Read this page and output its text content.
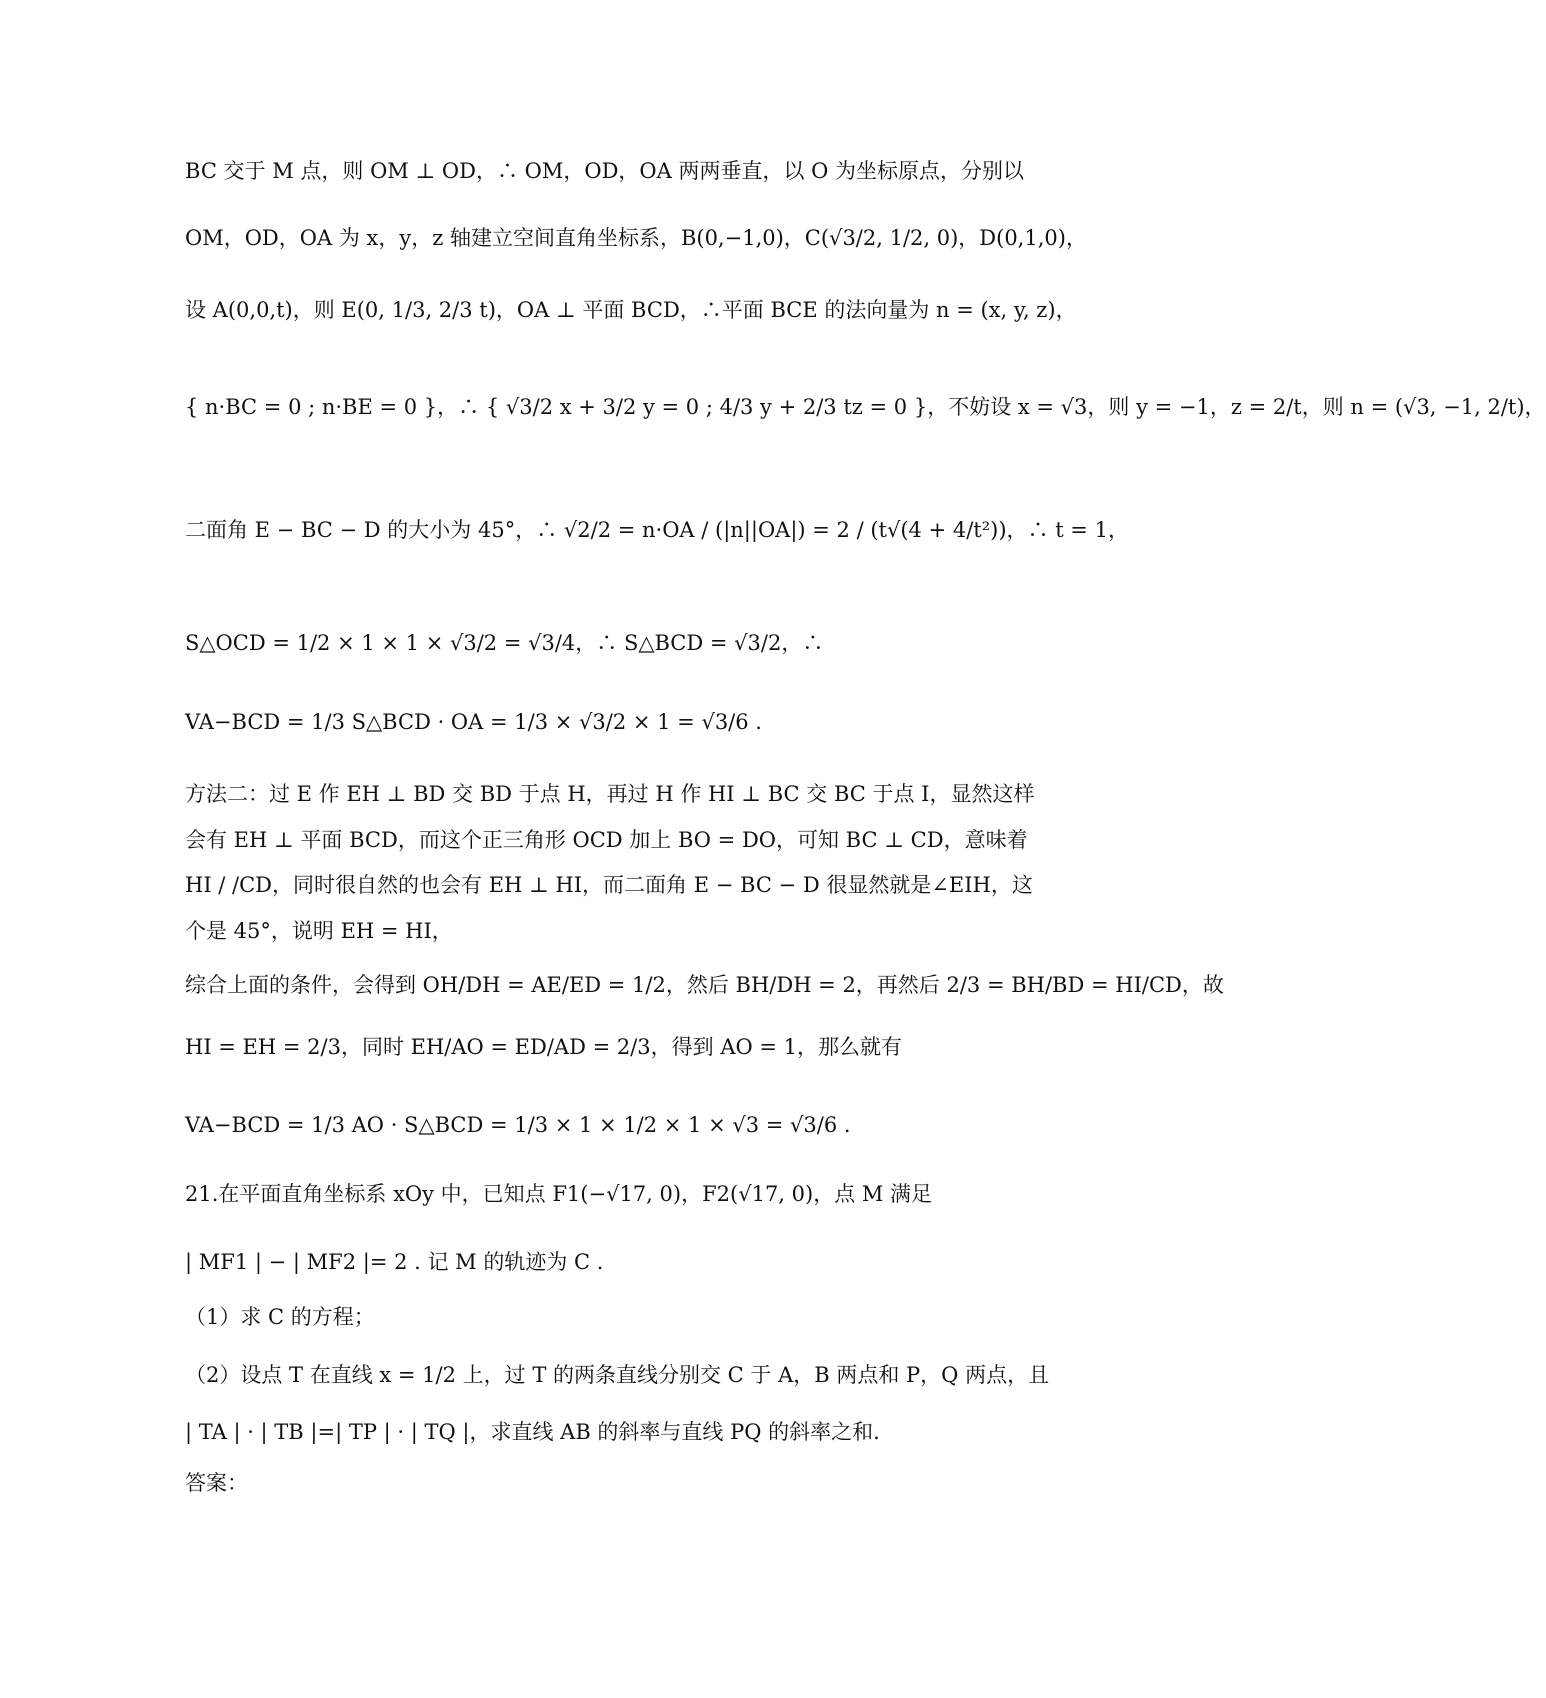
BC 交于 M 点，则 OM ⊥ OD，∴ OM，OD，OA 两两垂直，以 O 为坐标原点，分别以
OM，OD，OA 为 x，y，z 轴建立空间直角坐标系，B(0,−1,0)，C(√3/2, 1/2, 0)，D(0,1,0)，
设 A(0,0,t)，则 E(0, 1/3, 2/3 t)，OA ⊥ 平面 BCD，∴平面 BCE 的法向量为 n = (x, y, z)，
{ n·BC = 0 ; n·BE = 0 }，∴ { √3/2 x + 3/2 y = 0 ; 4/3 y + 2/3 tz = 0 }，不妨设 x = √3，则 y = −1，z = 2/t，则 n = (√3, −1, 2/t)，
二面角 E − BC − D 的大小为 45°，∴ √2/2 = n·OA / (|n||OA|) = 2 / (t√(4 + 4/t²))，∴ t = 1，
S△OCD = 1/2 × 1 × 1 × √3/2 = √3/4，∴ S△BCD = √3/2，∴
VA−BCD = 1/3 S△BCD · OA = 1/3 × √3/2 × 1 = √3/6 .
方法二：过 E 作 EH ⊥ BD 交 BD 于点 H，再过 H 作 HI ⊥ BC 交 BC 于点 I，显然这样
会有 EH ⊥ 平面 BCD，而这个正三角形 OCD 加上 BO = DO，可知 BC ⊥ CD，意味着
HI / /CD，同时很自然的也会有 EH ⊥ HI，而二面角 E − BC − D 很显然就是∠EIH，这
个是 45°，说明 EH = HI，
综合上面的条件，会得到 OH/DH = AE/ED = 1/2，然后 BH/DH = 2，再然后 2/3 = BH/BD = HI/CD，故
HI = EH = 2/3，同时 EH/AO = ED/AD = 2/3，得到 AO = 1，那么就有
VA−BCD = 1/3 AO · S△BCD = 1/3 × 1 × 1/2 × 1 × √3 = √3/6 .
21.在平面直角坐标系 xOy 中，已知点 F1(−√17, 0)，F2(√17, 0)，点 M 满足
| MF1 | − | MF2 |= 2 . 记 M 的轨迹为 C .
（1）求 C 的方程；
（2）设点 T 在直线 x = 1/2 上，过 T 的两条直线分别交 C 于 A，B 两点和 P，Q 两点，且
| TA | · | TB |=| TP | · | TQ |，求直线 AB 的斜率与直线 PQ 的斜率之和.
答案：
